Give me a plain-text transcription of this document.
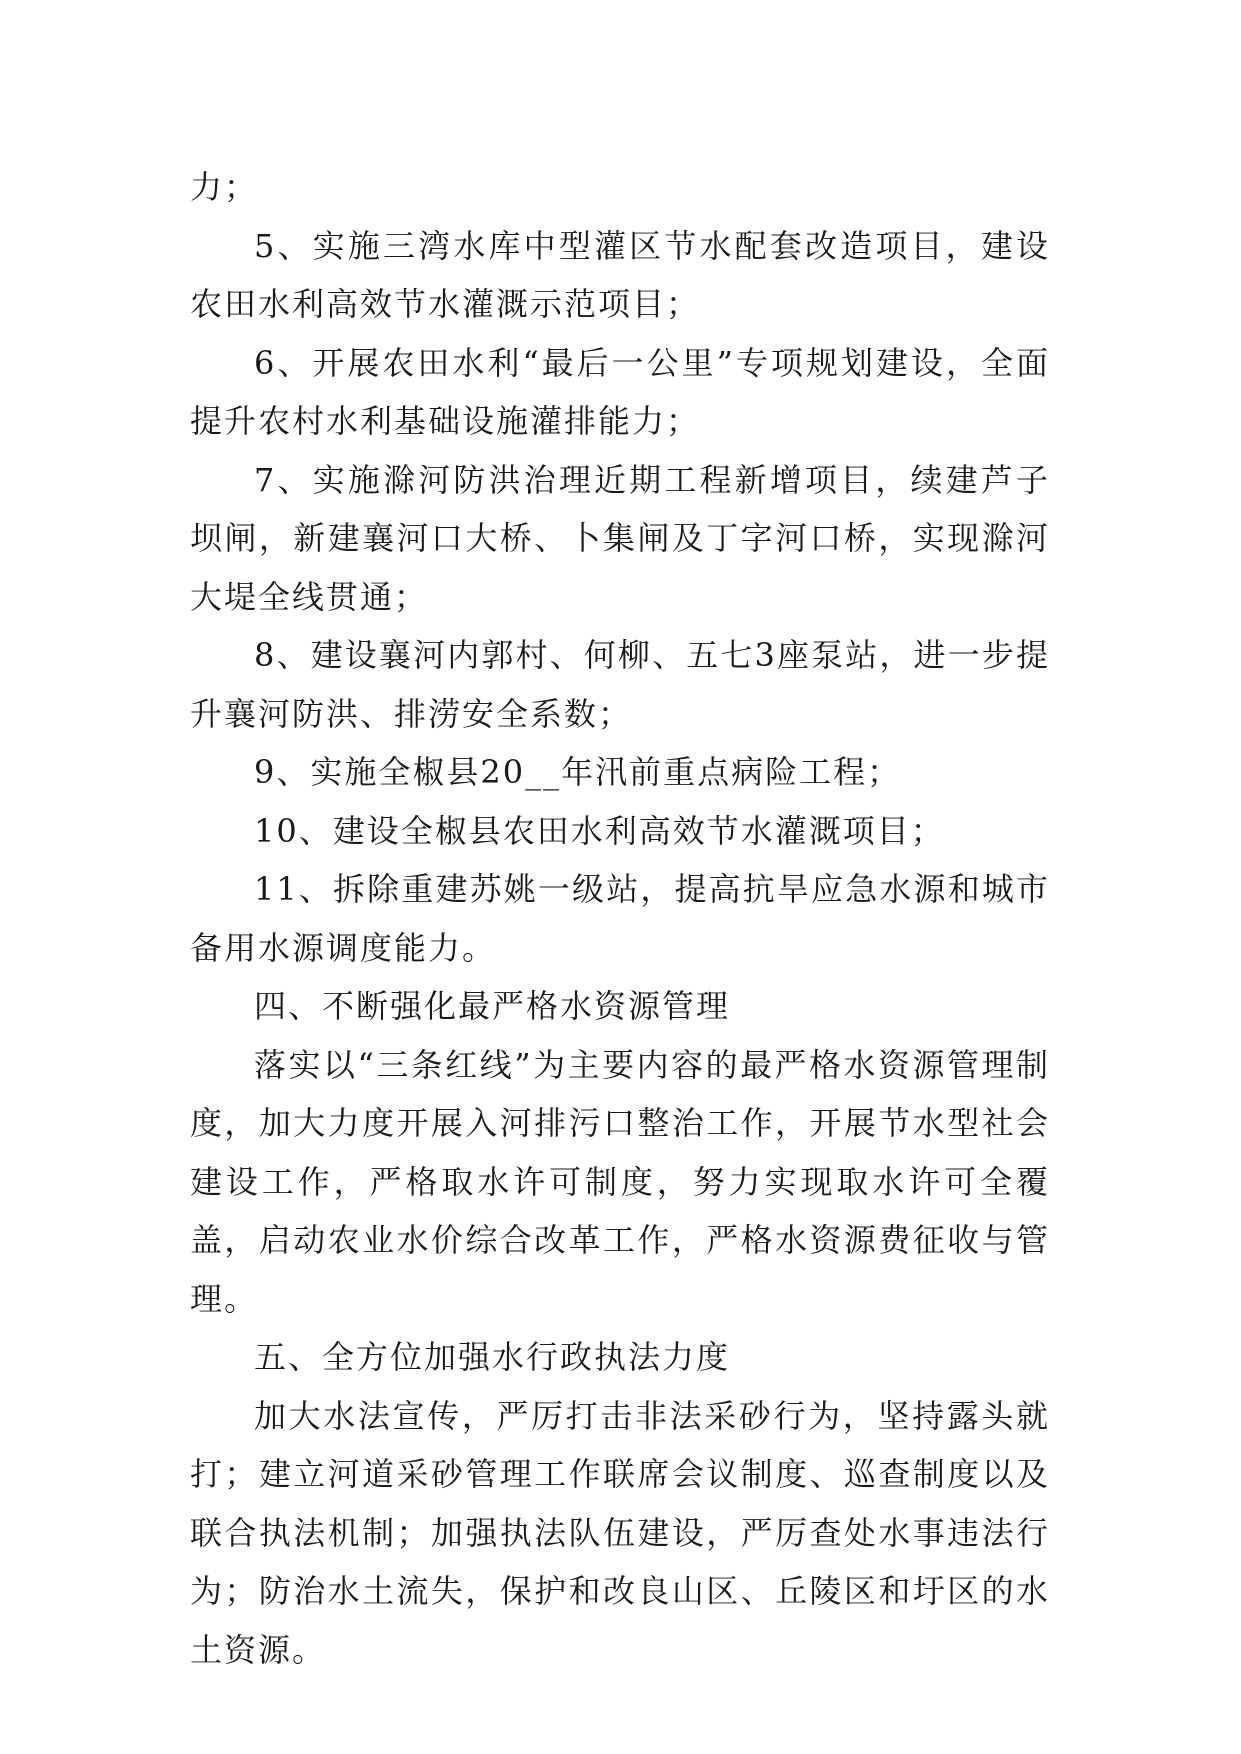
力；

5、实施三湾水库中型灌区节水配套改造项目，建设农田水利高效节水灌溉示范项目；

6、开展农田水利“最后一公里”专项规划建设，全面提升农村水利基础设施灌排能力；

7、实施滁河防洪治理近期工程新增项目，续建芦子坝闸，新建襄河口大桥、卜集闸及丁字河口桥，实现滁河大堤全线贯通；

8、建设襄河内郭村、何柳、五七3座泵站，进一步提升襄河防洪、排涝安全系数；

9、实施全椒县20__年汛前重点病险工程；

10、建设全椒县农田水利高效节水灌溉项目；

11、拆除重建苏姚一级站，提高抗旱应急水源和城市备用水源调度能力。

四、不断强化最严格水资源管理

落实以“三条红线”为主要内容的最严格水资源管理制度，加大力度开展入河排污口整治工作，开展节水型社会建设工作，严格取水许可制度，努力实现取水许可全覆盖，启动农业水价综合改革工作，严格水资源费征收与管理。

五、全方位加强水行政执法力度

加大水法宣传，严厉打击非法采砂行为，坚持露头就打；建立河道采砂管理工作联席会议制度、巡查制度以及联合执法机制；加强执法队伍建设，严厉查处水事违法行为；防治水土流失，保护和改良山区、丘陵区和圩区的水土资源。
